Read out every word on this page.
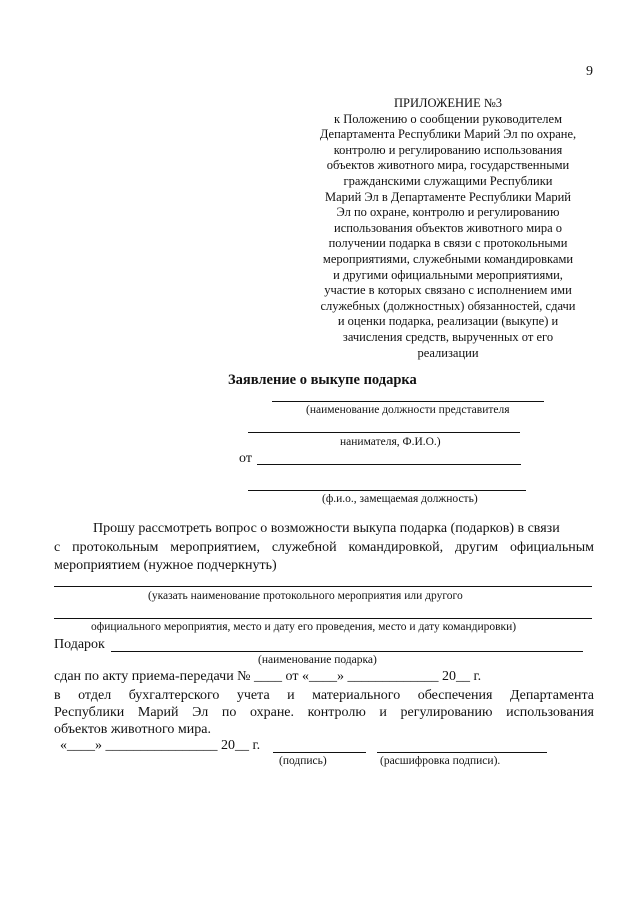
9
ПРИЛОЖЕНИЕ №3
к Положению о сообщении руководителем
Департамента Республики Марий Эл по охране,
контролю и регулированию использования
объектов животного мира, государственными
гражданскими служащими Республики
Марий Эл в Департаменте Республики Марий
Эл по охране, контролю и регулированию
использования объектов животного мира о
получении подарка в связи с протокольными
мероприятиями, служебными командировками
и другими официальными мероприятиями,
участие в которых связано с исполнением ими
служебных (должностных) обязанностей, сдачи
и оценки подарка, реализации (выкупе) и
зачисления средств, вырученных от его
реализации
Заявление о выкупе подарка
(наименование должности представителя
нанимателя, Ф.И.О.)
от
(ф.и.о., замещаемая должность)
Прошу рассмотреть вопрос о возможности выкупа подарка (подарков) в связи
с протокольным мероприятием, служебной командировкой, другим официальным
мероприятием (нужное подчеркнуть)
(указать наименование протокольного мероприятия или другого
официального мероприятия, место и дату его проведения, место и дату командировки)
Подарок
(наименование подарка)
сдан по акту приема-передачи № ____ от «____» _____________ 20__ г.
в отдел бухгалтерского учета и материального обеспечения Департамента
Республики Марий Эл по охране. контролю и регулированию использования
объектов животного мира.
«____» ________________ 20__ г.
(подпись)	(расшифровка подписи).
